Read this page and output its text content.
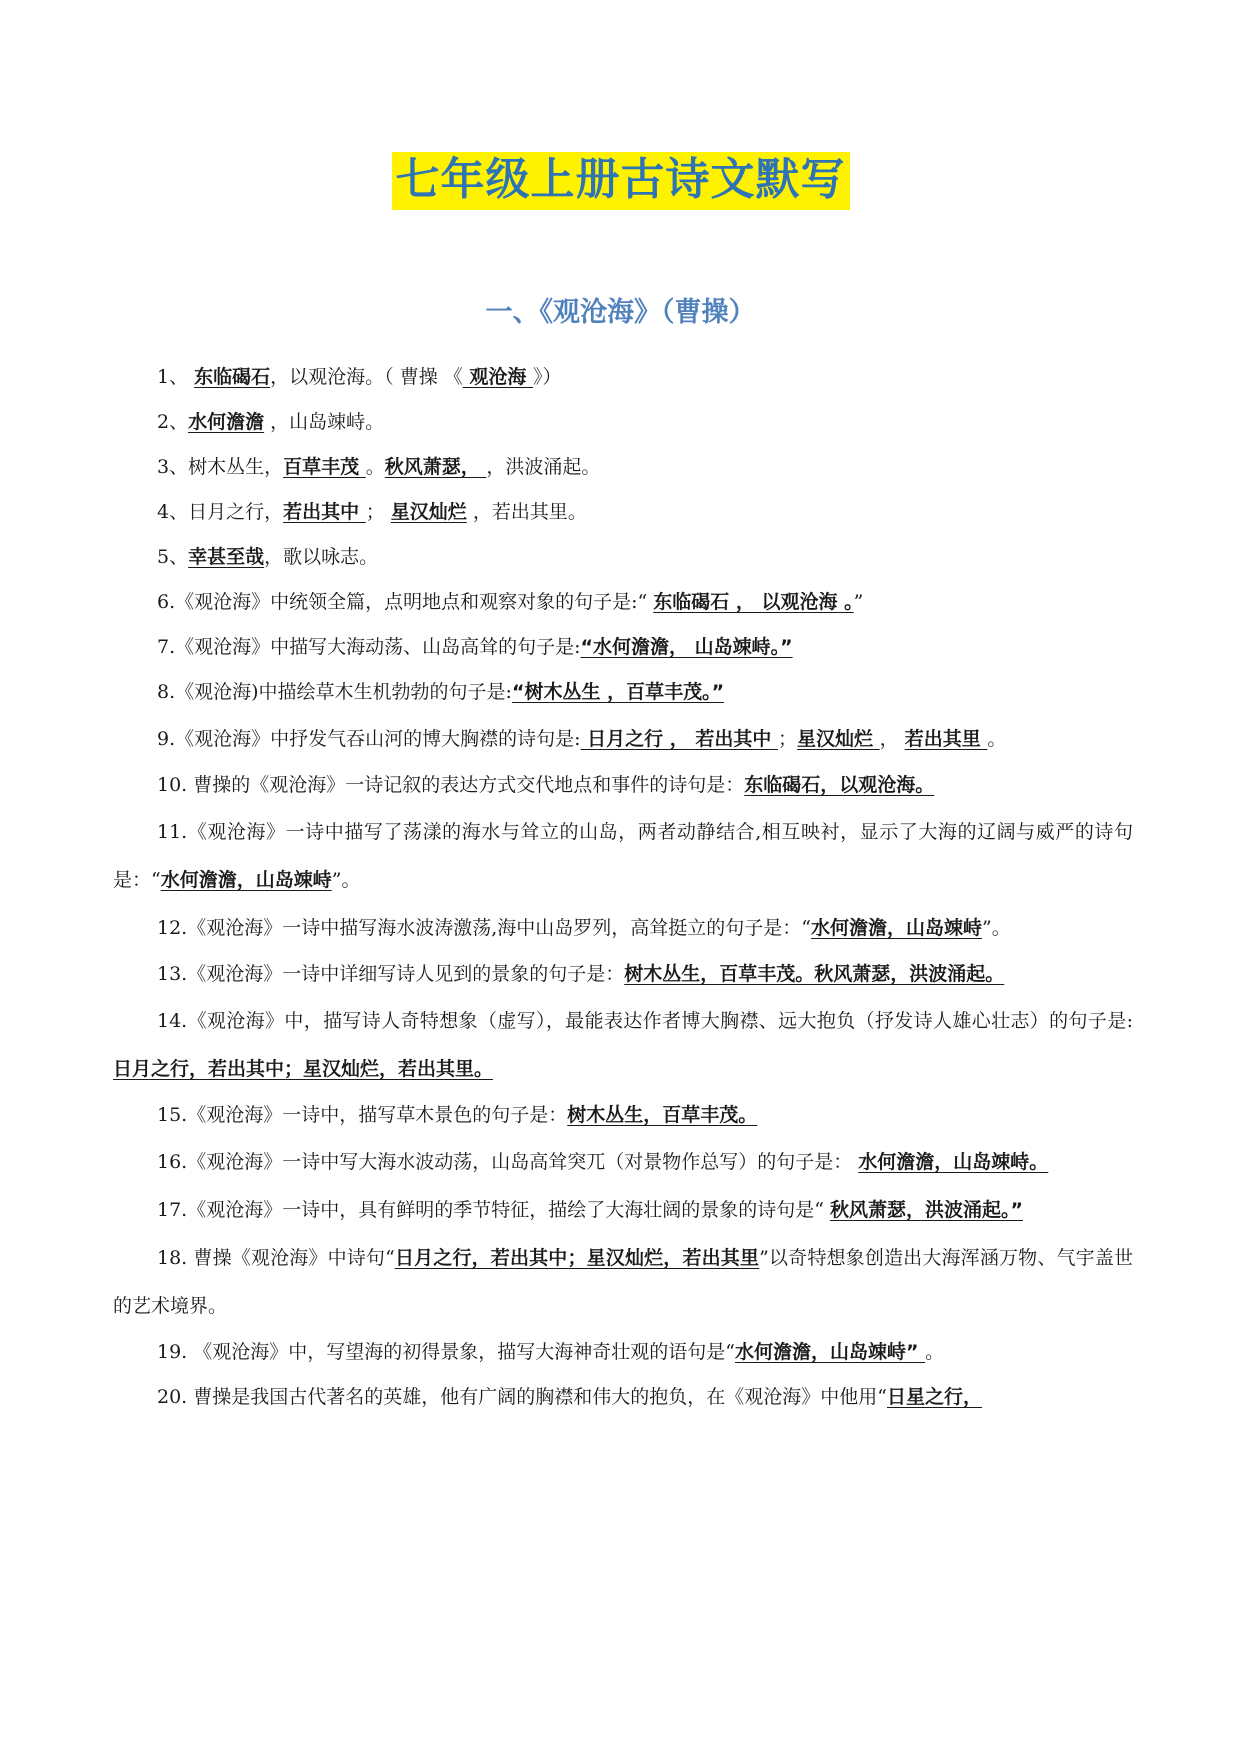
七年级上册古诗文默写
一、《观沧海》（曹操）

1、 东临碣石，以观沧海。（ 曹操 《 观沧海 》）

2、水何澹澹 ，山岛竦峙。

3、树木丛生，百草丰茂 。秋风萧瑟， ，洪波涌起。

4、日月之行，若出其中 ； 星汉灿烂 ，若出其里。

5、幸甚至哉，歌以咏志。

6.《观沧海》中统领全篇，点明地点和观察对象的句子是:“ 东临碣石 ， 以观沧海 。”

7.《观沧海》中描写大海动荡、山岛高耸的句子是:“水何澹澹， 山岛竦峙。”

8.《观沧海)中描绘草木生机勃勃的句子是:“树木丛生 ，百草丰茂。”

9.《观沧海》中抒发气吞山河的博大胸襟的诗句是: 日月之行 ， 若出其中 ；星汉灿烂 ， 若出其里 。

10. 曹操的《观沧海》一诗记叙的表达方式交代地点和事件的诗句是：东临碣石，以观沧海。

11.《观沧海》一诗中描写了荡漾的海水与耸立的山岛，两者动静结合,相互映衬，显示了大海的辽阔与威严的诗句是：“水何澹澹，山岛竦峙”。

12.《观沧海》一诗中描写海水波涛激荡,海中山岛罗列，高耸挺立的句子是：“水何澹澹，山岛竦峙”。

13.《观沧海》一诗中详细写诗人见到的景象的句子是：树木丛生，百草丰茂。秋风萧瑟，洪波涌起。

14.《观沧海》中，描写诗人奇特想象（虚写），最能表达作者博大胸襟、远大抱负（抒发诗人雄心壮志）的句子是: 日月之行，若出其中；星汉灿烂，若出其里。

15.《观沧海》一诗中，描写草木景色的句子是：树木丛生，百草丰茂。

16.《观沧海》一诗中写大海水波动荡，山岛高耸突兀（对景物作总写）的句子是： 水何澹澹，山岛竦峙。

17.《观沧海》一诗中，具有鲜明的季节特征，描绘了大海壮阔的景象的诗句是“ 秋风萧瑟，洪波涌起。”

18. 曹操《观沧海》中诗句“日月之行，若出其中；星汉灿烂，若出其里”以奇特想象创造出大海浑涵万物、气宇盖世的艺术境界。

19. 《观沧海》中，写望海的初得景象，描写大海神奇壮观的语句是“水何澹澹，山岛竦峙” 。

20. 曹操是我国古代著名的英雄，他有广阔的胸襟和伟大的抱负，在《观沧海》中他用“日星之行，
